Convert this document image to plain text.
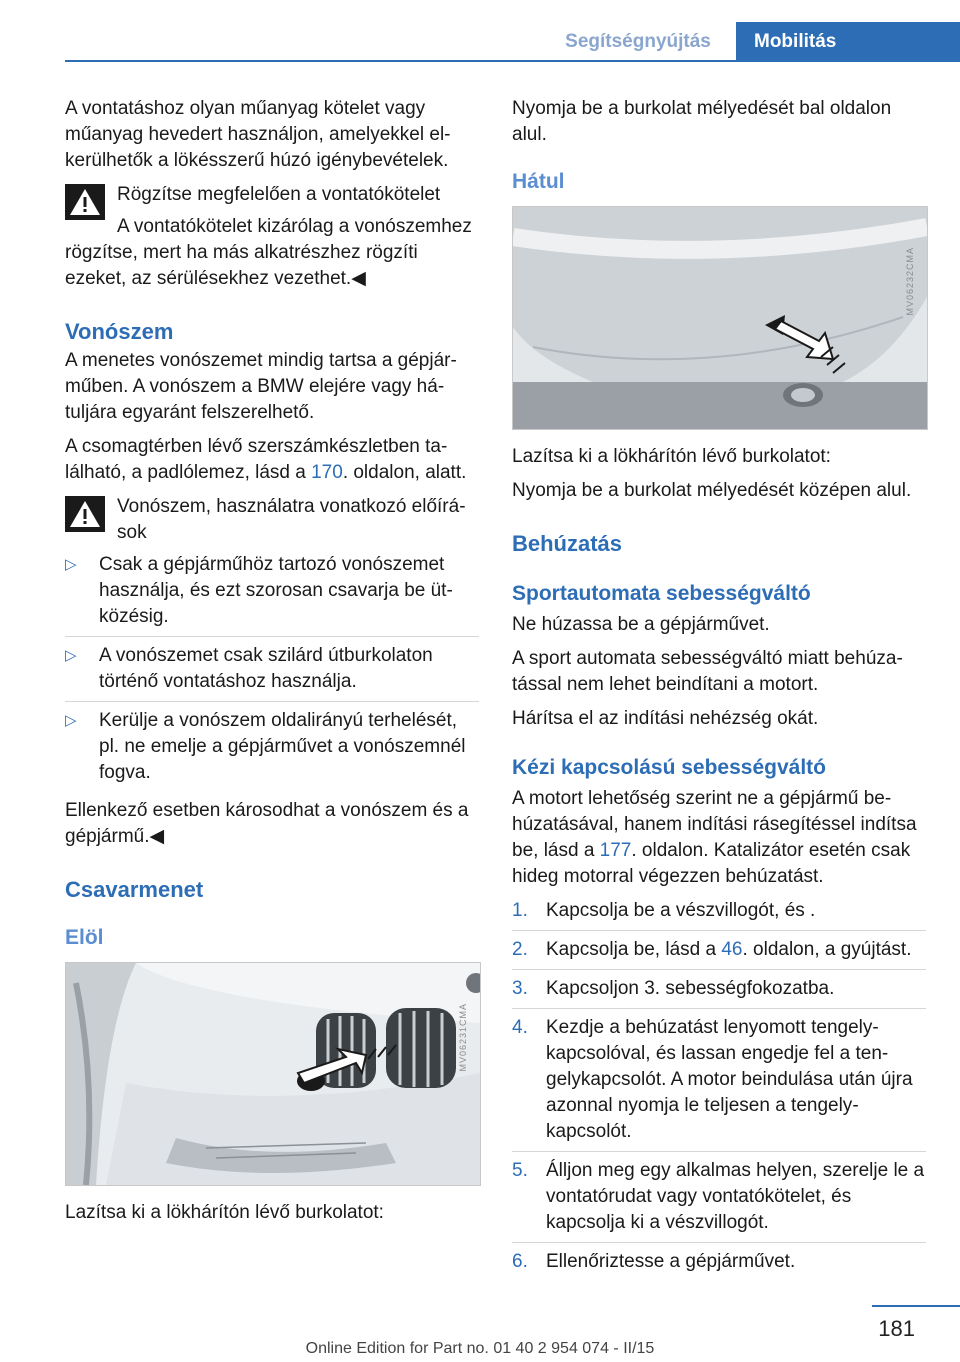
Segítségnyújtás	Mobilitás

A vontatáshoz olyan műanyag kötelet vagy műanyag hevedert használjon, amelyekkel elkerülhetők a lökésszerű húzó igénybevételek.

Rögzítse megfelelően a vontatókötelet

A vontatókötelet kizárólag a vonószemhez rögzítse, mert ha más alkatrészhez rögzíti ezeket, az sérülésekhez vezethet.◀

Vonószem

A menetes vonószemet mindig tartsa a gépjárműben. A vonószem a BMW elejére vagy hátuljára egyaránt felszerelhető.

A csomagtérben lévő szerszámkészletben található, a padlólemez, lásd a 170. oldalon, alatt.

Vonószem, használatra vonatkozó előírások

▷ Csak a gépjárműhöz tartozó vonószemet használja, és ezt szorosan csavarja be ütközésig.
▷ A vonószemet csak szilárd útburkolaton történő vontatáshoz használja.
▷ Kerülje a vonószem oldalirányú terhelését, pl. ne emelje a gépjárművet a vonószemnél fogva.

Ellenkező esetben károsodhat a vonószem és a gépjármű.◀

Csavarmenet
Elöl
MV06231CMA

Lazítsa ki a lökhárítón lévő burkolatot:

Nyomja be a burkolat mélyedését bal oldalon alul.

Hátul
MV06232CMA

Lazítsa ki a lökhárítón lévő burkolatot:

Nyomja be a burkolat mélyedését középen alul.

Behúzatás
Sportautomata sebességváltó

Ne húzassa be a gépjárművet.

A sport automata sebességváltó miatt behúzatással nem lehet beindítani a motort.

Hárítsa el az indítási nehézség okát.

Kézi kapcsolású sebességváltó

A motort lehetőség szerint ne a gépjármű behúzatásával, hanem indítási rásegítéssel indítsa be, lásd a 177. oldalon. Katalizátor esetén csak hideg motorral végezzen behúzatást.

1. Kapcsolja be a vészvillogót, és .
2. Kapcsolja be, lásd a 46. oldalon, a gyújtást.
3. Kapcsoljon 3. sebességfokozatba.
4. Kezdje a behúzatást lenyomott tengelykapcsolóval, és lassan engedje fel a tengelykapcsolót. A motor beindulása után újra azonnal nyomja le teljesen a tengelykapcsolót.
5. Álljon meg egy alkalmas helyen, szerelje le a vontatórudat vagy vontatókötelet, és kapcsolja ki a vészvillogót.
6. Ellenőriztesse a gépjárművet.
181
Online Edition for Part no. 01 40 2 954 074 - II/15
